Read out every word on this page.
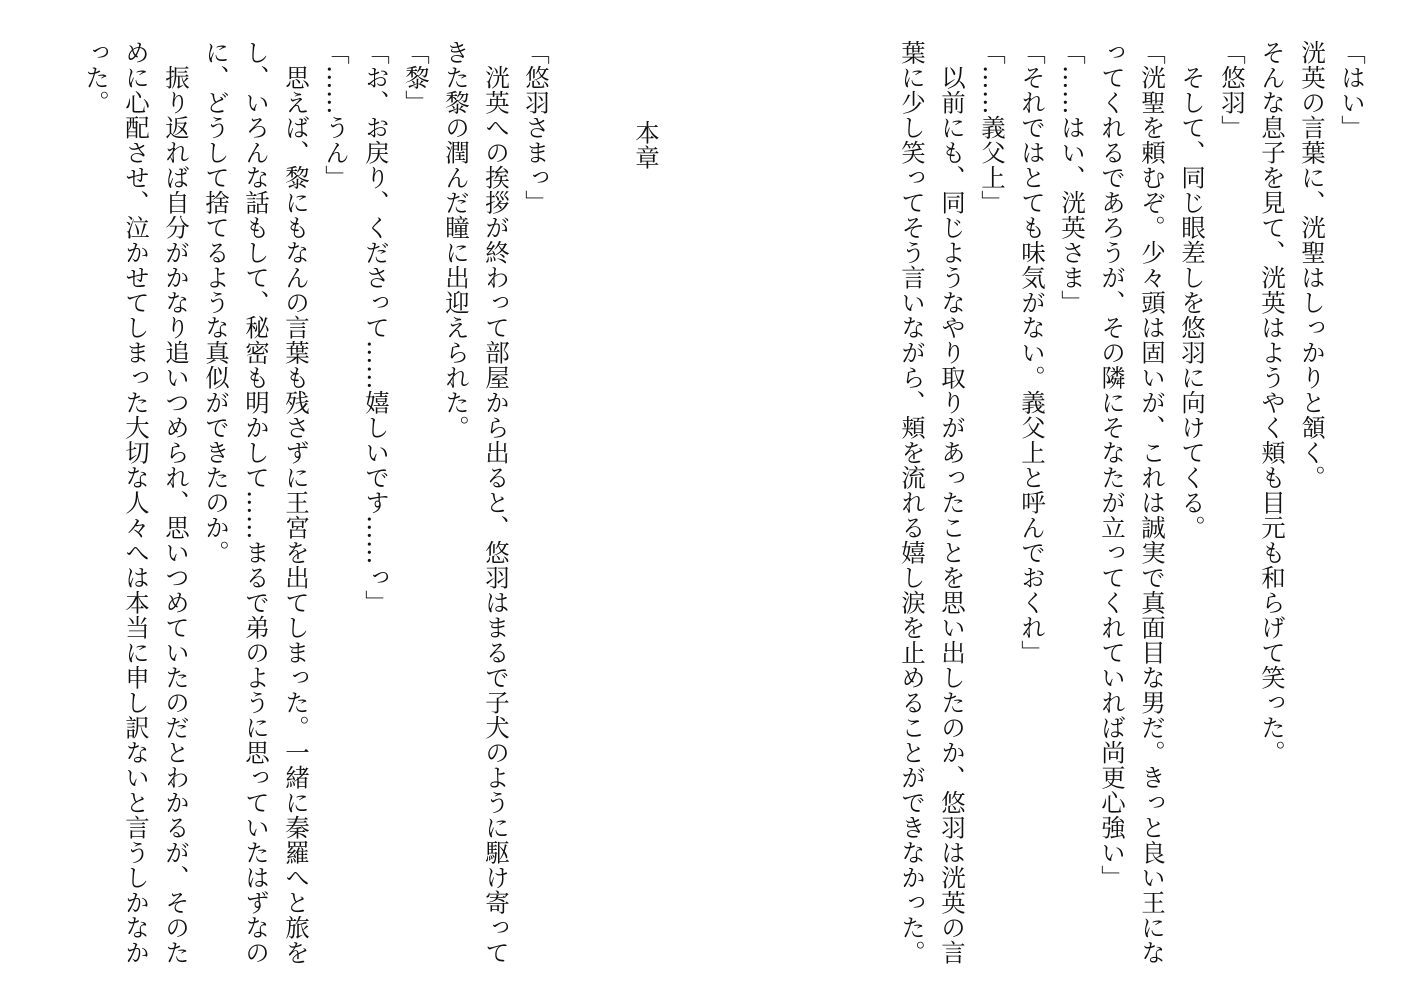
「はい」
洸英の言葉に、洸聖はしっかりと頷く。
そんな息子を見て、洸英はようやく頬も目元も和らげて笑った。
「悠羽」
そして、同じ眼差しを悠羽に向けてくる。
「洸聖を頼むぞ。少々頭は固いが、これは誠実で真面目な男だ。きっと良い王になってくれるであろうが、その隣にそなたが立ってくれていれば尚更心強い」
「……はい、洸英さま」
「それではとても味気がない。義父上と呼んでおくれ」
「……義父上」
以前にも、同じようなやり取りがあったことを思い出したのか、悠羽は洸英の言葉に少し笑ってそう言いながら、頬を流れる嬉し涙を止めることができなかった。
本章
「悠羽さまっ」
洸英への挨拶が終わって部屋から出ると、悠羽はまるで子犬のように駆け寄ってきた黎の潤んだ瞳に出迎えられた。
「黎」
「お、お戻り、くださって……嬉しいです……っ」
「……うん」
思えば、黎にもなんの言葉も残さずに王宮を出てしまった。一緒に秦羅へと旅をし、いろんな話もして、秘密も明かして……まるで弟のように思っていたはずなのに、どうして捨てるような真似ができたのか。
振り返れば自分がかなり追いつめられ、思いつめていたのだとわかるが、そのために心配させ、泣かせてしまった大切な人々へは本当に申し訳ないと言うしかなかった。
